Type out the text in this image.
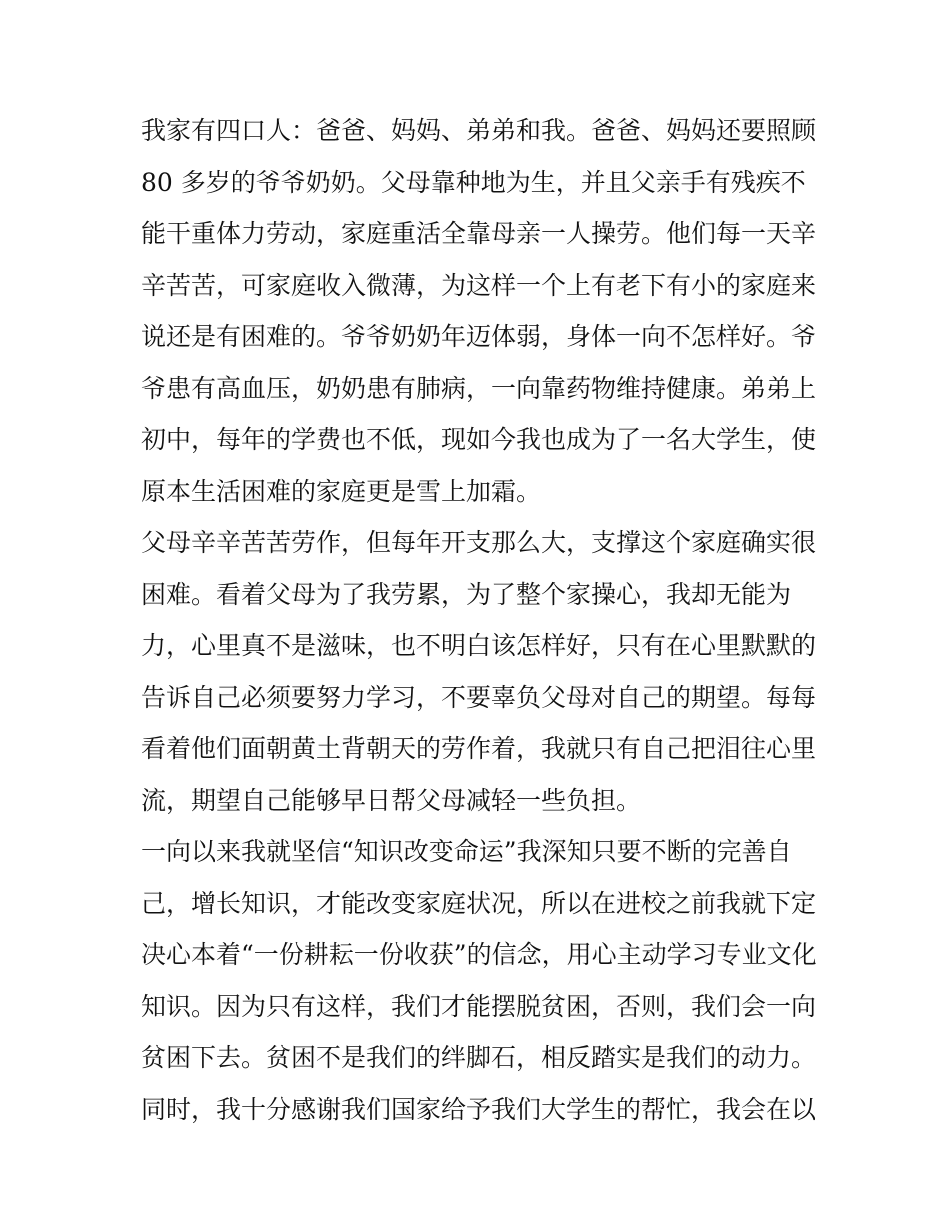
我家有四口人：爸爸、妈妈、弟弟和我。爸爸、妈妈还要照顾
80 多岁的爷爷奶奶。父母靠种地为生，并且父亲手有残疾不
能干重体力劳动，家庭重活全靠母亲一人操劳。他们每一天辛
辛苦苦，可家庭收入微薄，为这样一个上有老下有小的家庭来
说还是有困难的。爷爷奶奶年迈体弱，身体一向不怎样好。爷
爷患有高血压，奶奶患有肺病，一向靠药物维持健康。弟弟上
初中，每年的学费也不低，现如今我也成为了一名大学生，使
原本生活困难的家庭更是雪上加霜。
父母辛辛苦苦劳作，但每年开支那么大，支撑这个家庭确实很
困难。看着父母为了我劳累，为了整个家操心，我却无能为
力，心里真不是滋味，也不明白该怎样好，只有在心里默默的
告诉自己必须要努力学习，不要辜负父母对自己的期望。每每
看着他们面朝黄土背朝天的劳作着，我就只有自己把泪往心里
流，期望自己能够早日帮父母减轻一些负担。
一向以来我就坚信“知识改变命运”我深知只要不断的完善自
己，增长知识，才能改变家庭状况，所以在进校之前我就下定
决心本着“一份耕耘一份收获”的信念，用心主动学习专业文化
知识。因为只有这样，我们才能摆脱贫困，否则，我们会一向
贫困下去。贫困不是我们的绊脚石，相反踏实是我们的动力。
同时，我十分感谢我们国家给予我们大学生的帮忙，我会在以
